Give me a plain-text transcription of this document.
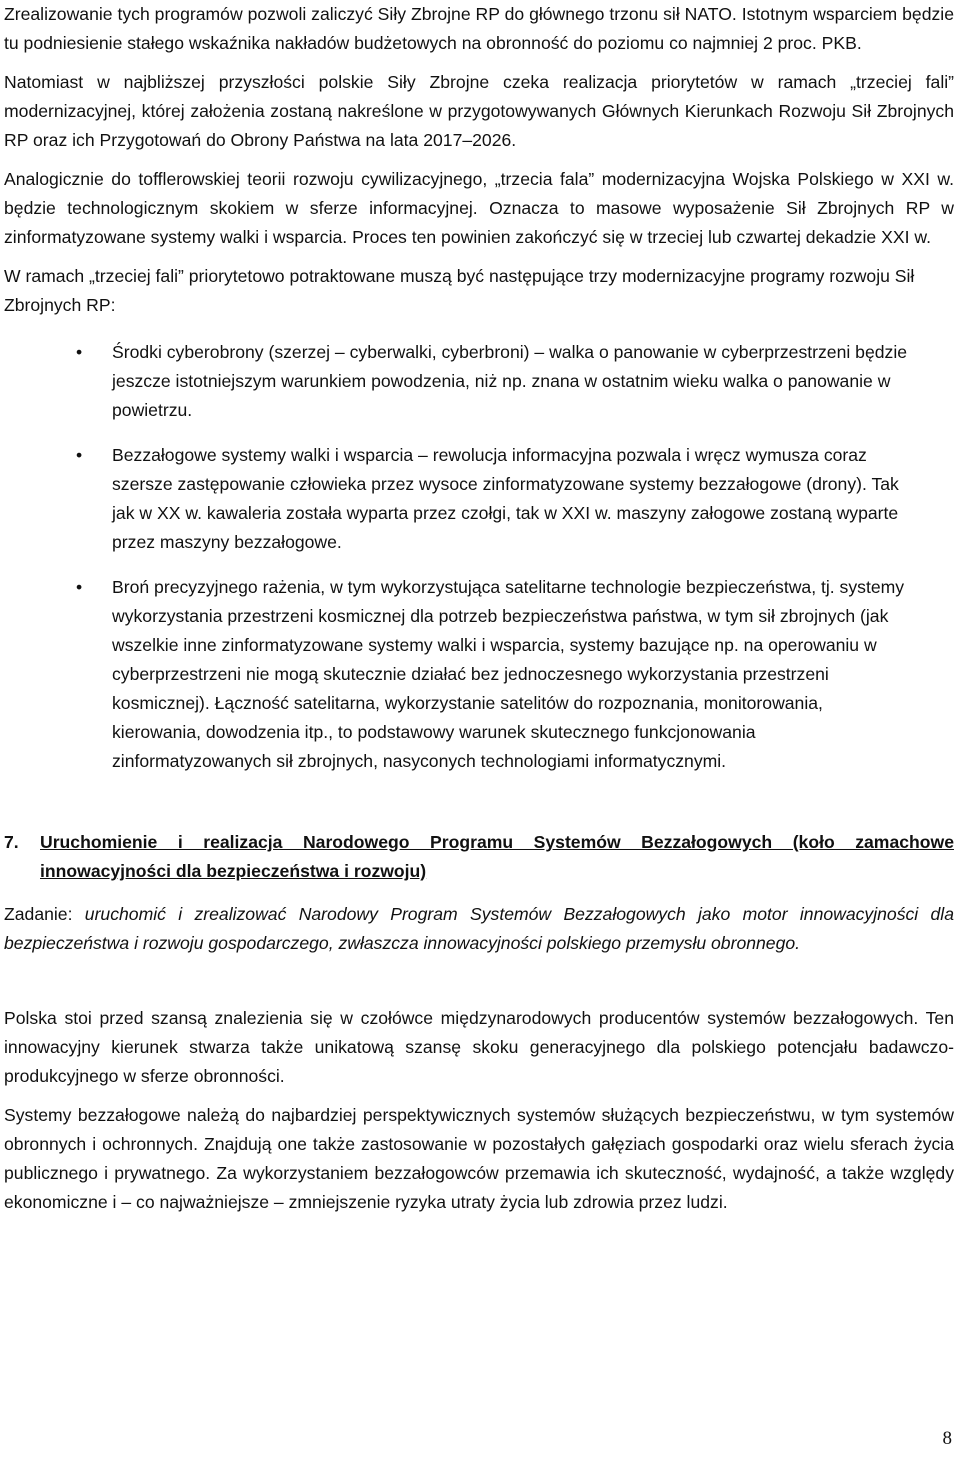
Zrealizowanie tych programów pozwoli zaliczyć Siły Zbrojne RP do głównego trzonu sił NATO. Istotnym wsparciem będzie tu podniesienie stałego wskaźnika nakładów budżetowych na obronność do poziomu co najmniej 2 proc. PKB.

Natomiast w najbliższej przyszłości polskie Siły Zbrojne czeka realizacja priorytetów w ramach „trzeciej fali” modernizacyjnej, której założenia zostaną nakreślone w przygotowywanych Głównych Kierunkach Rozwoju Sił Zbrojnych RP oraz ich Przygotowań do Obrony Państwa na lata 2017–2026.

Analogicznie do tofflerowskiej teorii rozwoju cywilizacyjnego, „trzecia fala” modernizacyjna Wojska Polskiego w XXI w. będzie technologicznym skokiem w sferze informacyjnej. Oznacza to masowe wyposażenie Sił Zbrojnych RP w zinformatyzowane systemy walki i wsparcia. Proces ten powinien zakończyć się w trzeciej lub czwartej dekadzie XXI w.

W ramach „trzeciej fali” priorytetowo potraktowane muszą być następujące trzy modernizacyjne programy rozwoju Sił Zbrojnych RP:

• Środki cyberobrony (szerzej – cyberwalki, cyberbroni) – walka o panowanie w cyberprzestrzeni będzie jeszcze istotniejszym warunkiem powodzenia, niż np. znana w ostatnim wieku walka o panowanie w powietrzu.
• Bezzałogowe systemy walki i wsparcia – rewolucja informacyjna pozwala i wręcz wymusza coraz szersze zastępowanie człowieka przez wysoce zinformatyzowane systemy bezzałogowe (drony). Tak jak w XX w. kawaleria została wyparta przez czołgi, tak w XXI w. maszyny załogowe zostaną wyparte przez maszyny bezzałogowe.
• Broń precyzyjnego rażenia, w tym wykorzystująca satelitarne technologie bezpieczeństwa, tj. systemy wykorzystania przestrzeni kosmicznej dla potrzeb bezpieczeństwa państwa, w tym sił zbrojnych (jak wszelkie inne zinformatyzowane systemy walki i wsparcia, systemy bazujące np. na operowaniu w cyberprzestrzeni nie mogą skutecznie działać bez jednoczesnego wykorzystania przestrzeni kosmicznej). Łączność satelitarna, wykorzystanie satelitów do rozpoznania, monitorowania, kierowania, dowodzenia itp., to podstawowy warunek skutecznego funkcjonowania zinformatyzowanych sił zbrojnych, nasyconych technologiami informatycznymi.
7.	Uruchomienie i realizacja Narodowego Programu Systemów Bezzałogowych (koło zamachowe innowacyjności dla bezpieczeństwa i rozwoju)

Zadanie: uruchomić i zrealizować Narodowy Program Systemów Bezzałogowych jako motor innowacyjności dla bezpieczeństwa i rozwoju gospodarczego, zwłaszcza innowacyjności polskiego przemysłu obronnego.

Polska stoi przed szansą znalezienia się w czołówce międzynarodowych producentów systemów bezzałogowych. Ten innowacyjny kierunek stwarza także unikatową szansę skoku generacyjnego dla polskiego potencjału badawczo-produkcyjnego w sferze obronności.

Systemy bezzałogowe należą do najbardziej perspektywicznych systemów służących bezpieczeństwu, w tym systemów obronnych i ochronnych. Znajdują one także zastosowanie w pozostałych gałęziach gospodarki oraz wielu sferach życia publicznego i prywatnego. Za wykorzystaniem bezzałogowców przemawia ich skuteczność, wydajność, a także względy ekonomiczne i – co najważniejsze – zmniejszenie ryzyka utraty życia lub zdrowia przez ludzi.

8
